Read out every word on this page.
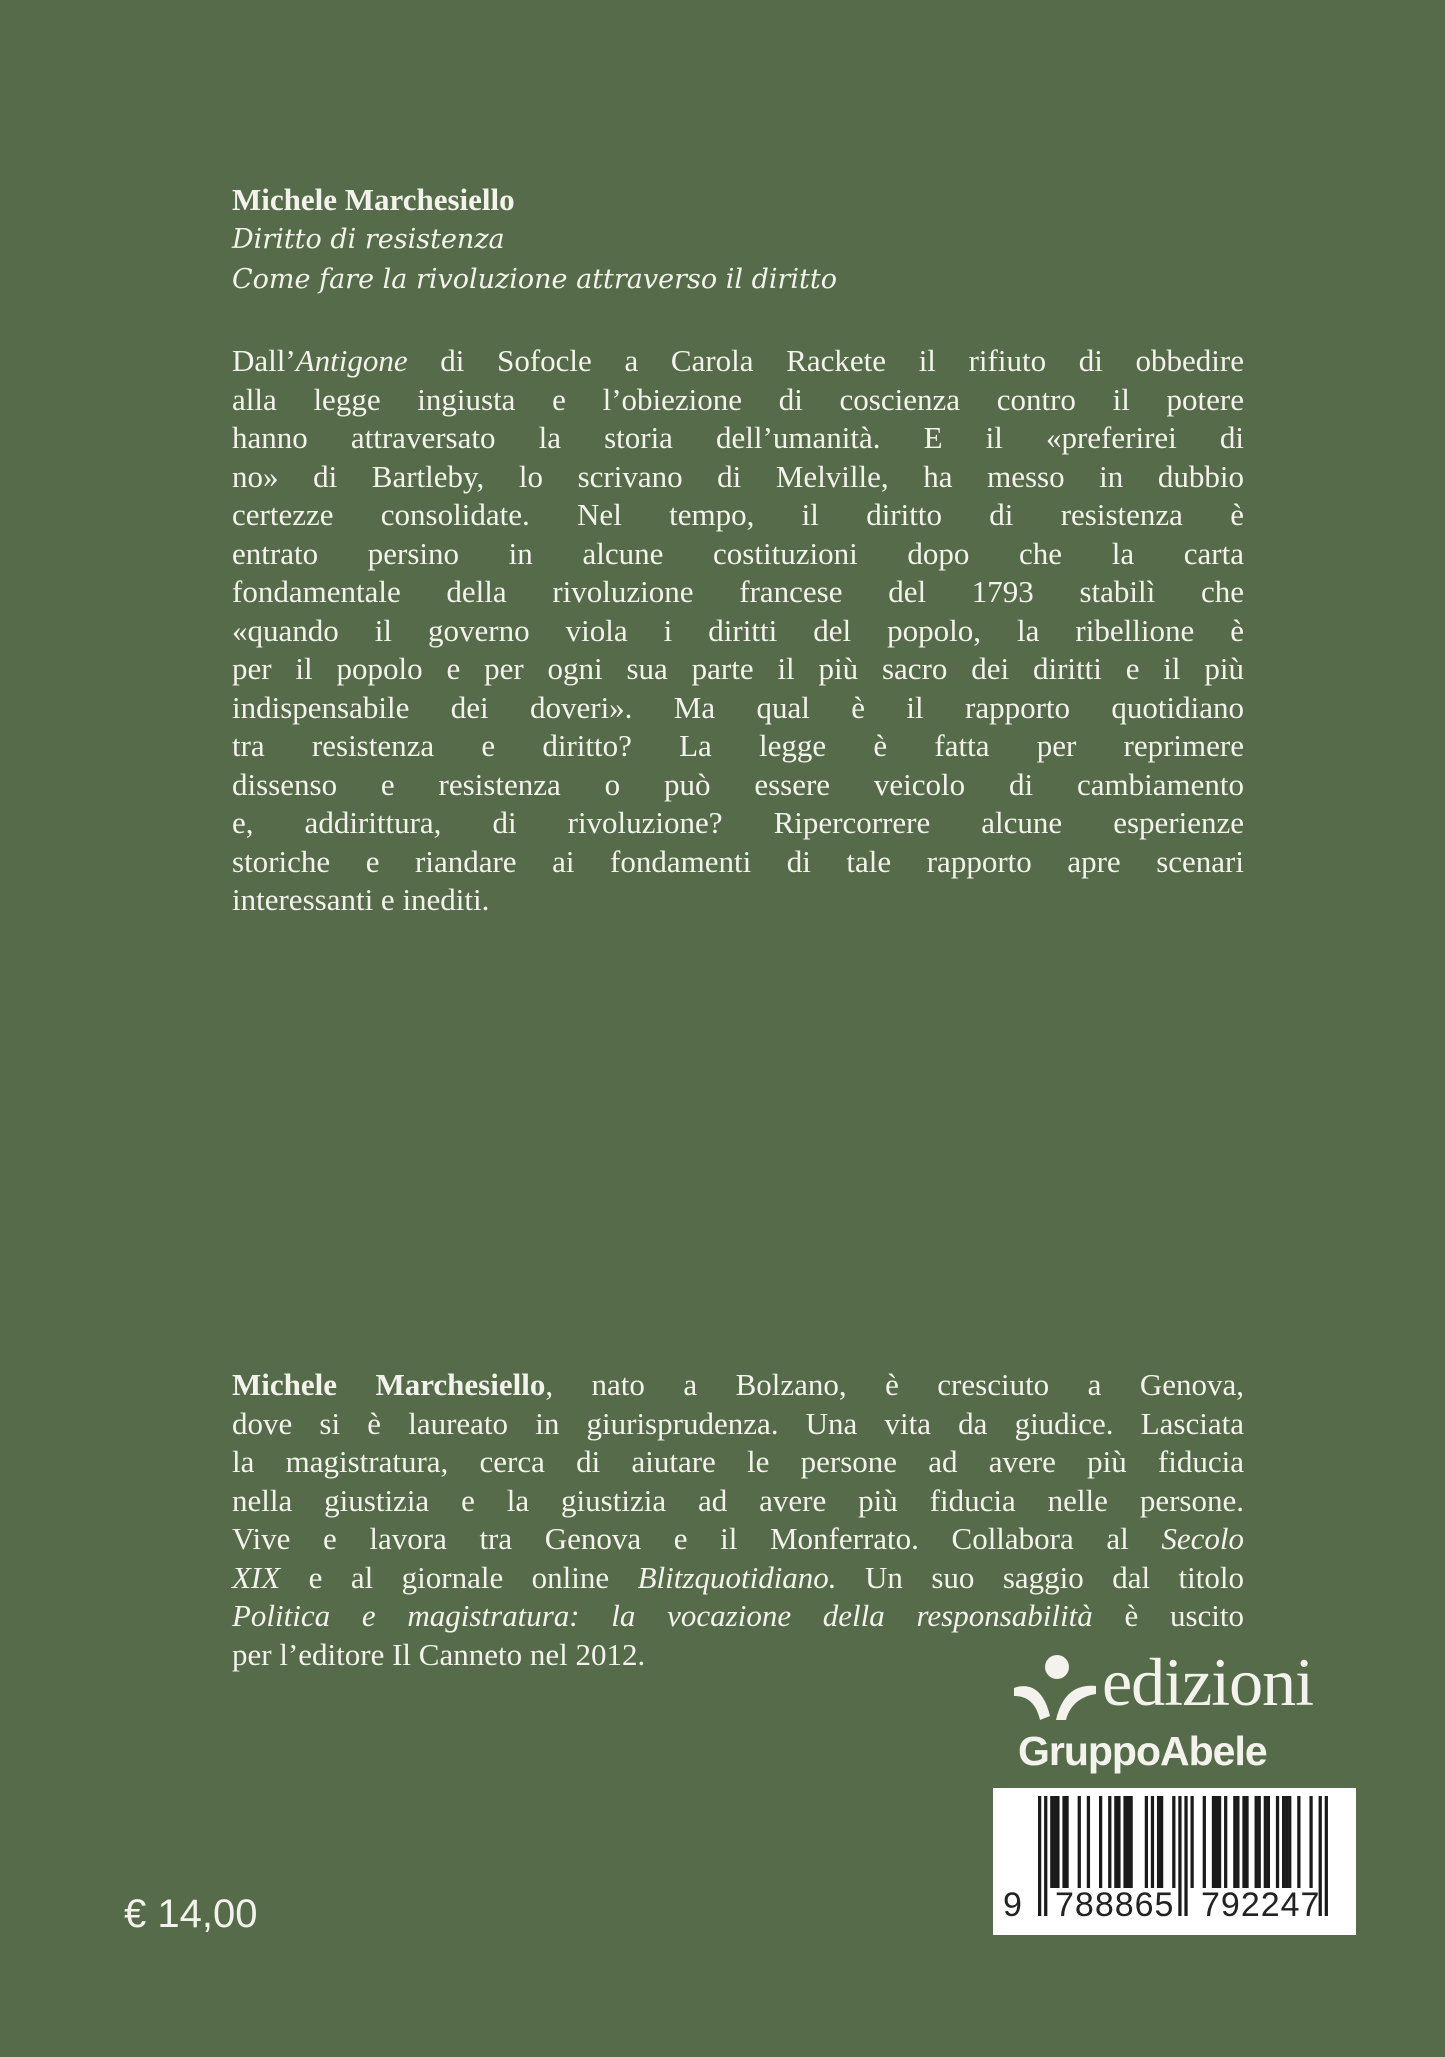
Michele Marchesiello
Diritto di resistenza
Come fare la rivoluzione attraverso il diritto
Dall’Antigone di Sofocle a Carola Rackete il rifiuto di obbedire
alla legge ingiusta e l’obiezione di coscienza contro il potere
hanno attraversato la storia dell’umanità. E il «preferirei di
no» di Bartleby, lo scrivano di Melville, ha messo in dubbio
certezze consolidate. Nel tempo, il diritto di resistenza è
entrato persino in alcune costituzioni dopo che la carta
fondamentale della rivoluzione francese del 1793 stabilì che
«quando il governo viola i diritti del popolo, la ribellione è
per il popolo e per ogni sua parte il più sacro dei diritti e il più
indispensabile dei doveri». Ma qual è il rapporto quotidiano
tra resistenza e diritto? La legge è fatta per reprimere
dissenso e resistenza o può essere veicolo di cambiamento
e, addirittura, di rivoluzione? Ripercorrere alcune esperienze
storiche e riandare ai fondamenti di tale rapporto apre scenari
interessanti e inediti.
Michele Marchesiello, nato a Bolzano, è cresciuto a Genova,
dove si è laureato in giurisprudenza. Una vita da giudice. Lasciata
la magistratura, cerca di aiutare le persone ad avere più fiducia
nella giustizia e la giustizia ad avere più fiducia nelle persone.
Vive e lavora tra Genova e il Monferrato. Collabora al Secolo
XIX e al giornale online Blitzquotidiano. Un suo saggio dal titolo
Politica e magistratura: la vocazione della responsabilità è uscito
per l’editore Il Canneto nel 2012.
€ 14,00
edizioni
GruppoAbele
9 788865 792247
